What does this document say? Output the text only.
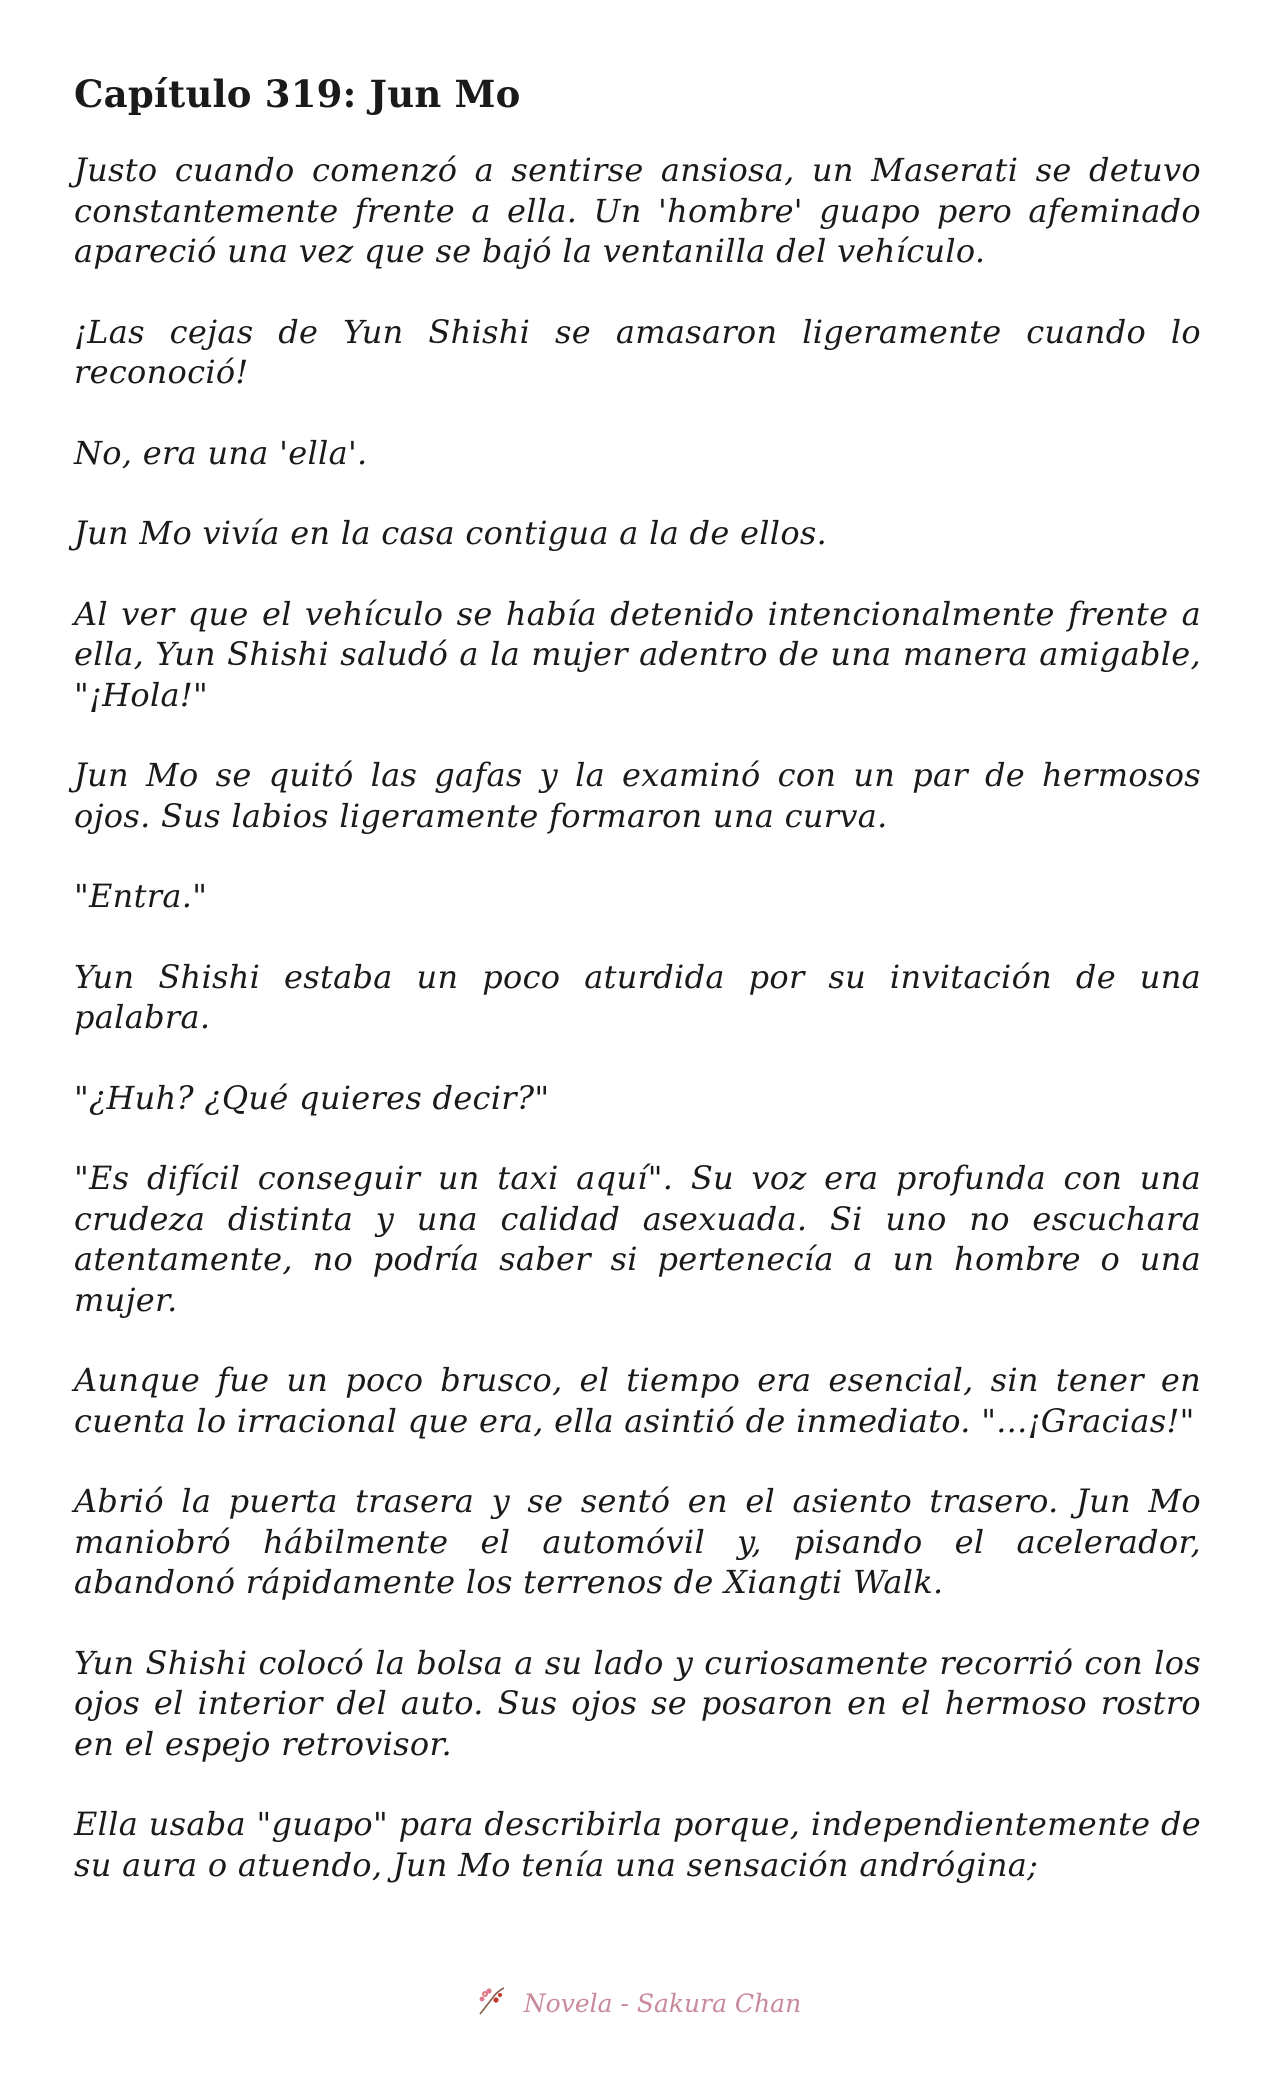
Capítulo 319: Jun Mo

Justo cuando comenzó a sentirse ansiosa, un Maserati se detuvo constantemente frente a ella. Un 'hombre' guapo pero afeminado apareció una vez que se bajó la ventanilla del vehículo.

¡Las cejas de Yun Shishi se amasaron ligeramente cuando lo reconoció!

No, era una 'ella'.

Jun Mo vivía en la casa contigua a la de ellos.

Al ver que el vehículo se había detenido intencionalmente frente a ella, Yun Shishi saludó a la mujer adentro de una manera amigable, "¡Hola!"

Jun Mo se quitó las gafas y la examinó con un par de hermosos ojos. Sus labios ligeramente formaron una curva.

"Entra."

Yun Shishi estaba un poco aturdida por su invitación de una palabra.

"¿Huh? ¿Qué quieres decir?"

"Es difícil conseguir un taxi aquí". Su voz era profunda con una crudeza distinta y una calidad asexuada. Si uno no escuchara atentamente, no podría saber si pertenecía a un hombre o una mujer.

Aunque fue un poco brusco, el tiempo era esencial, sin tener en cuenta lo irracional que era, ella asintió de inmediato. "...¡Gracias!"

Abrió la puerta trasera y se sentó en el asiento trasero. Jun Mo maniobró hábilmente el automóvil y, pisando el acelerador, abandonó rápidamente los terrenos de Xiangti Walk.

Yun Shishi colocó la bolsa a su lado y curiosamente recorrió con los ojos el interior del auto. Sus ojos se posaron en el hermoso rostro en el espejo retrovisor.

Ella usaba "guapo" para describirla porque, independientemente de su aura o atuendo, Jun Mo tenía una sensación andrógina;

Novela - Sakura Chan
